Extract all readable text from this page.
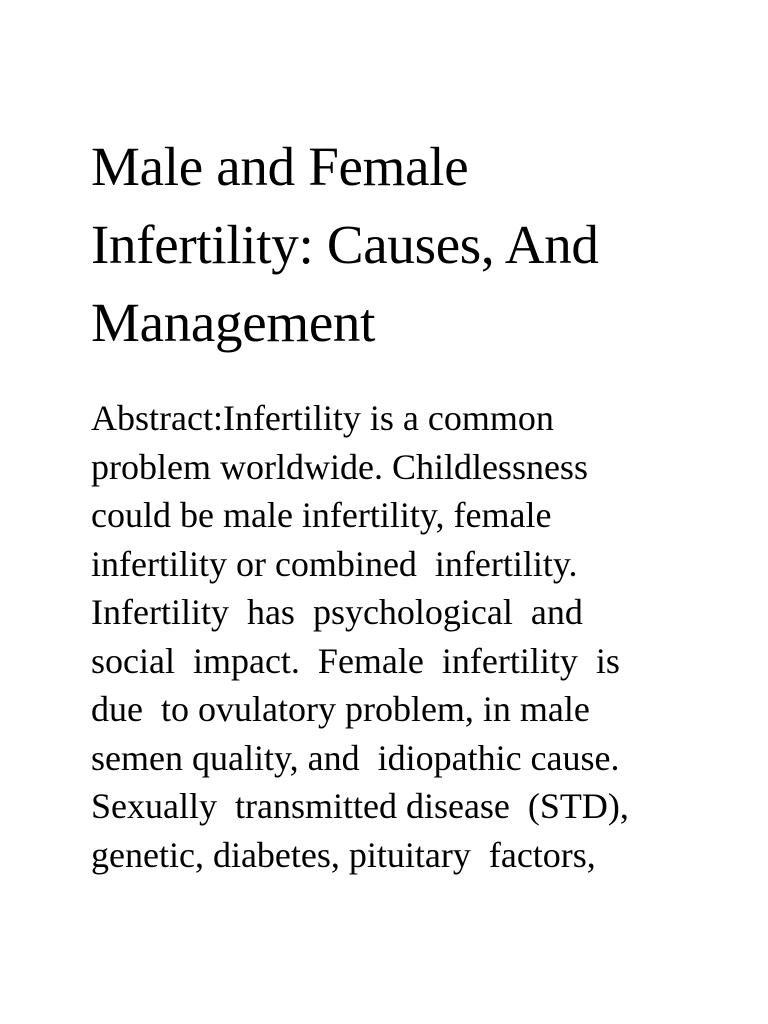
Male and Female
Infertility: Causes, And
Management
Abstract:Infertility is a common
problem worldwide. Childlessness
could be male infertility, female
infertility or combined  infertility.
Infertility  has  psychological  and
social  impact.  Female  infertility  is
due  to ovulatory problem, in male
semen quality, and  idiopathic cause.
Sexually  transmitted disease  (STD),
genetic, diabetes, pituitary  factors,
